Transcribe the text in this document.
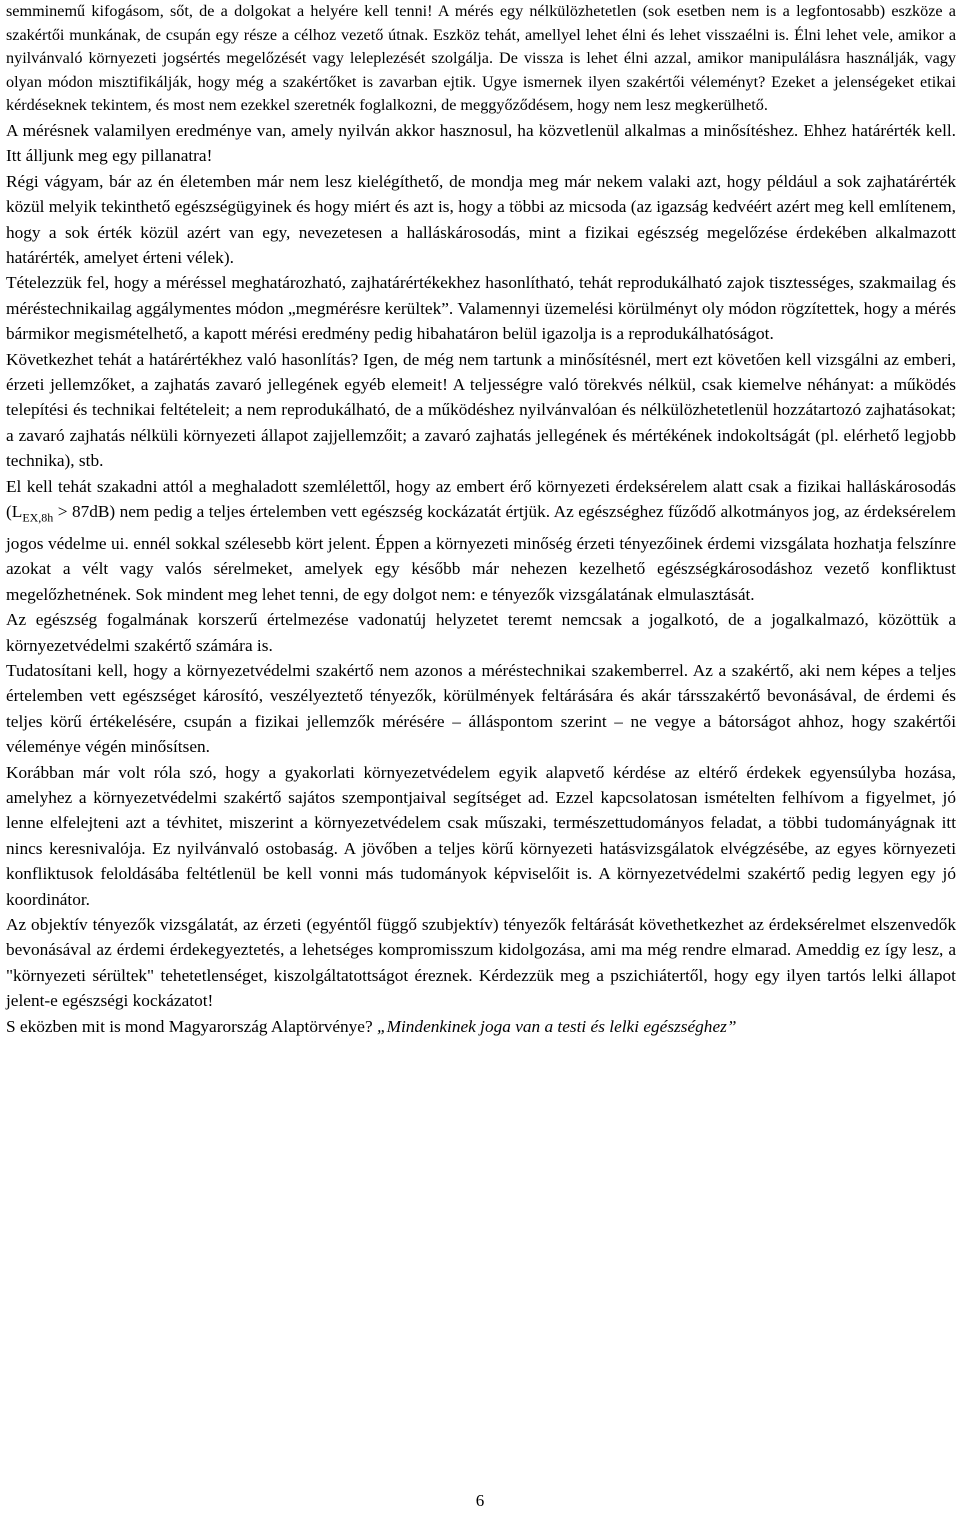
semminemű kifogásom, sőt, de a dolgokat a helyére kell tenni! A mérés egy nélkülözhetetlen (sok esetben nem is a legfontosabb) eszköze a szakértői munkának, de csupán egy része a célhoz vezető útnak. Eszköz tehát, amellyel lehet élni és lehet visszaélni is. Élni lehet vele, amikor a nyilvánvaló környezeti jogsértés megelőzését vagy leleplezését szolgálja. De vissza is lehet élni azzal, amikor manipulálásra használják, vagy olyan módon misztifikálják, hogy még a szakértőket is zavarban ejtik. Ugye ismernek ilyen szakértői véleményt? Ezeket a jelenségeket etikai kérdéseknek tekintem, és most nem ezekkel szeretnék foglalkozni, de meggyőződésem, hogy nem lesz megkerülhető.

A mérésnek valamilyen eredménye van, amely nyilván akkor hasznosul, ha közvetlenül alkalmas a minősítéshez. Ehhez határérték kell. Itt álljunk meg egy pillanatra!

Régi vágyam, bár az én életemben már nem lesz kielégíthető, de mondja meg már nekem valaki azt, hogy például a sok zajhatárérték közül melyik tekinthető egészségügyinek és hogy miért és azt is, hogy a többi az micsoda (az igazság kedvéért azért meg kell említenem, hogy a sok érték közül azért van egy, nevezetesen a halláskárosodás, mint a fizikai egészség megelőzése érdekében alkalmazott határérték, amelyet érteni vélek).

Tételezzük fel, hogy a méréssel meghatározható, zajhatárértékekhez hasonlítható, tehát reprodukálható zajok tisztességes, szakmailag és méréstechnikailag aggálymentes módon „megmérésre kerültek”. Valamennyi üzemelési körülményt oly módon rögzítettek, hogy a mérés bármikor megismételhető, a kapott mérési eredmény pedig hibahatáron belül igazolja is a reprodukálhatóságot.

Következhet tehát a határértékhez való hasonlítás? Igen, de még nem tartunk a minősítésnél, mert ezt követően kell vizsgálni az emberi, érzeti jellemzőket, a zajhatás zavaró jellegének egyéb elemeit! A teljességre való törekvés nélkül, csak kiemelve néhányat: a működés telepítési és technikai feltételeit; a nem reprodukálható, de a működéshez nyilvánvalóan és nélkülözhetetlenül hozzátartozó zajhatásokat; a zavaró zajhatás nélküli környezeti állapot zajjellemzőit; a zavaró zajhatás jellegének és mértékének indokoltságát (pl. elérhető legjobb technika), stb.

El kell tehát szakadni attól a meghaladott szemlélettől, hogy az embert érő környezeti érdeksérelem alatt csak a fizikai halláskárosodás $(L_{EX,8h} > 87dB)$ nem pedig a teljes értelemben vett egészség kockázatát értjük. Az egészséghez fűződő alkotmányos jog, az érdeksérelem jogos védelme ui. ennél sokkal szélesebb kört jelent. Éppen a környezeti minőség érzeti tényezőinek érdemi vizsgálata hozhatja felszínre azokat a vélt vagy valós sérelmeket, amelyek egy később már nehezen kezelhető egészségkárosodáshoz vezető konfliktust megelőzhetnének. Sok mindent meg lehet tenni, de egy dolgot nem: e tényezők vizsgálatának elmulasztását.

Az egészség fogalmának korszerű értelmezése vadonatúj helyzetet teremt nemcsak a jogalkotó, de a jogalkalmazó, közöttük a környezetvédelmi szakértő számára is.

Tudatosítani kell, hogy a környezetvédelmi szakértő nem azonos a méréstechnikai szakemberrel. Az a szakértő, aki nem képes a teljes értelemben vett egészséget károsító, veszélyeztető tényezők, körülmények feltárására és akár társszakértő bevonásával, de érdemi és teljes körű értékelésére, csupán a fizikai jellemzők mérésére – álláspontom szerint – ne vegye a bátorságot ahhoz, hogy szakértői véleménye végén minősítsen.

Korábban már volt róla szó, hogy a gyakorlati környezetvédelem egyik alapvető kérdése az eltérő érdekek egyensúlyba hozása, amelyhez a környezetvédelmi szakértő sajátos szempontjaival segítséget ad. Ezzel kapcsolatosan ismételten felhívom a figyelmet, jó lenne elfelejteni azt a tévhitet, miszerint a környezetvédelem csak műszaki, természettudományos feladat, a többi tudományágnak itt nincs keresnivalója. Ez nyilvánvaló ostobaság. A jövőben a teljes körű környezeti hatásvizsgálatok elvégzésébe, az egyes környezeti konfliktusok feloldásába feltétlenül be kell vonni más tudományok képviselőit is. A környezetvédelmi szakértő pedig legyen egy jó koordinátor.

Az objektív tényezők vizsgálatát, az érzeti (egyéntől függő szubjektív) tényezők feltárását követhetkezhet az érdeksérelmet elszenvedők bevonásával az érdemi érdekegyeztetés, a lehetséges kompromisszum kidolgozása, ami ma még rendre elmarad. Ameddig ez így lesz, a "környezeti sérültek" tehetetlenséget, kiszolgáltatottságot éreznek. Kérdezzük meg a pszichiátertől, hogy egy ilyen tartós lelki állapot jelent-e egészségi kockázatot!

S eközben mit is mond Magyarország Alaptörvénye? „Mindenkinek joga van a testi és lelki egészséghez”

6
